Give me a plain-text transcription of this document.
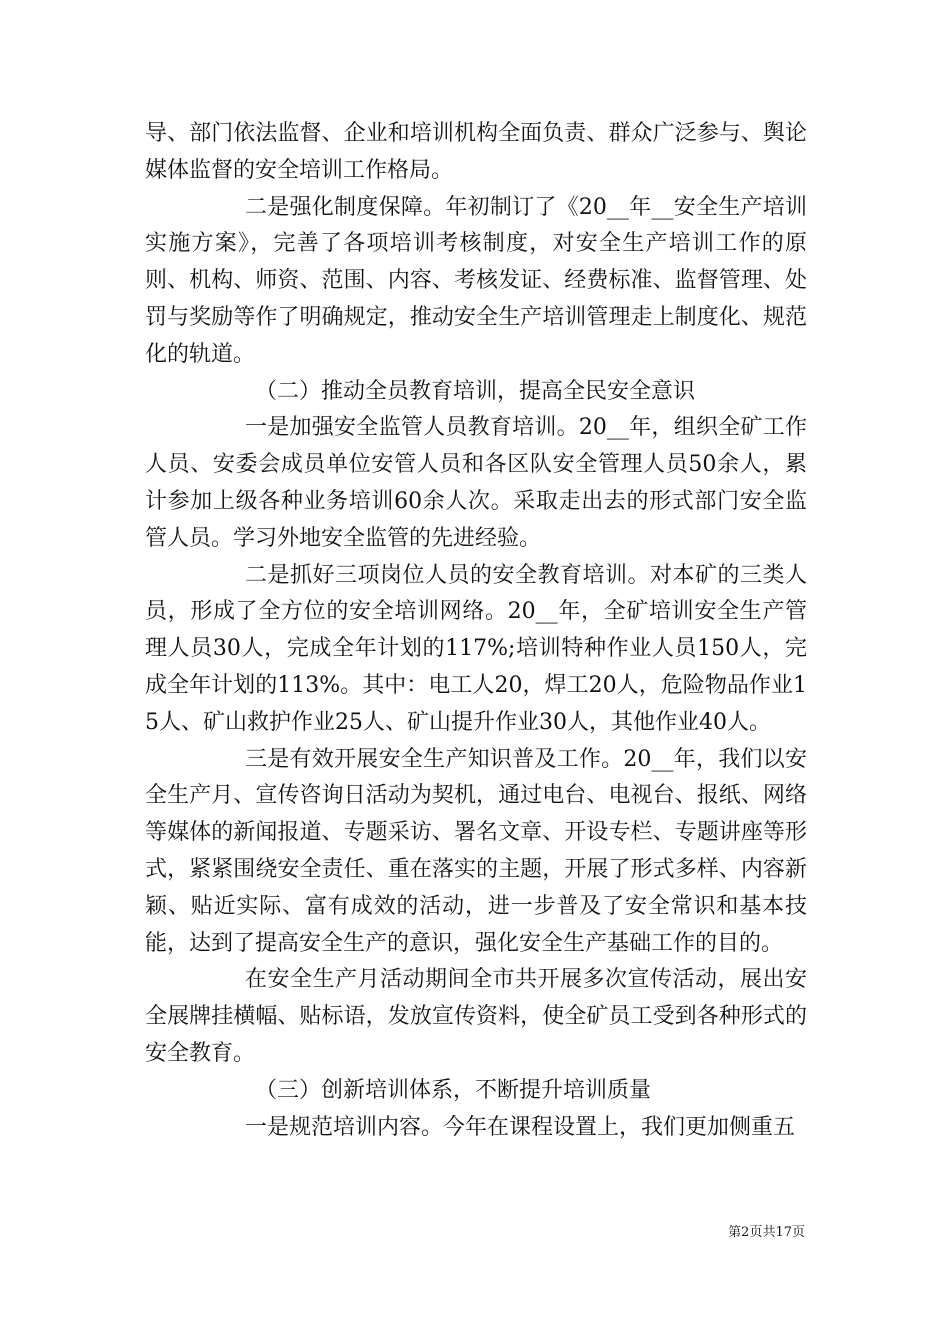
导、部门依法监督、企业和培训机构全面负责、群众广泛参与、舆论媒体监督的安全培训工作格局。

二是强化制度保障。年初制订了《20__年__安全生产培训实施方案》，完善了各项培训考核制度，对安全生产培训工作的原则、机构、师资、范围、内容、考核发证、经费标准、监督管理、处罚与奖励等作了明确规定，推动安全生产培训管理走上制度化、规范化的轨道。

（二）推动全员教育培训，提高全民安全意识

一是加强安全监管人员教育培训。20__年，组织全矿工作人员、安委会成员单位安管人员和各区队安全管理人员50余人，累计参加上级各种业务培训60余人次。采取走出去的形式部门安全监管人员。学习外地安全监管的先进经验。

二是抓好三项岗位人员的安全教育培训。对本矿的三类人员，形成了全方位的安全培训网络。20__年，全矿培训安全生产管理人员30人，完成全年计划的117%;培训特种作业人员150人，完成全年计划的113%。其中：电工人20，焊工20人，危险物品作业15人、矿山救护作业25人、矿山提升作业30人，其他作业40人。

三是有效开展安全生产知识普及工作。20__年，我们以安全生产月、宣传咨询日活动为契机，通过电台、电视台、报纸、网络等媒体的新闻报道、专题采访、署名文章、开设专栏、专题讲座等形式，紧紧围绕安全责任、重在落实的主题，开展了形式多样、内容新颖、贴近实际、富有成效的活动，进一步普及了安全常识和基本技能，达到了提高安全生产的意识，强化安全生产基础工作的目的。

在安全生产月活动期间全市共开展多次宣传活动，展出安全展牌挂横幅、贴标语，发放宣传资料，使全矿员工受到各种形式的安全教育。

（三）创新培训体系，不断提升培训质量

一是规范培训内容。今年在课程设置上，我们更加侧重五

第2页共17页
